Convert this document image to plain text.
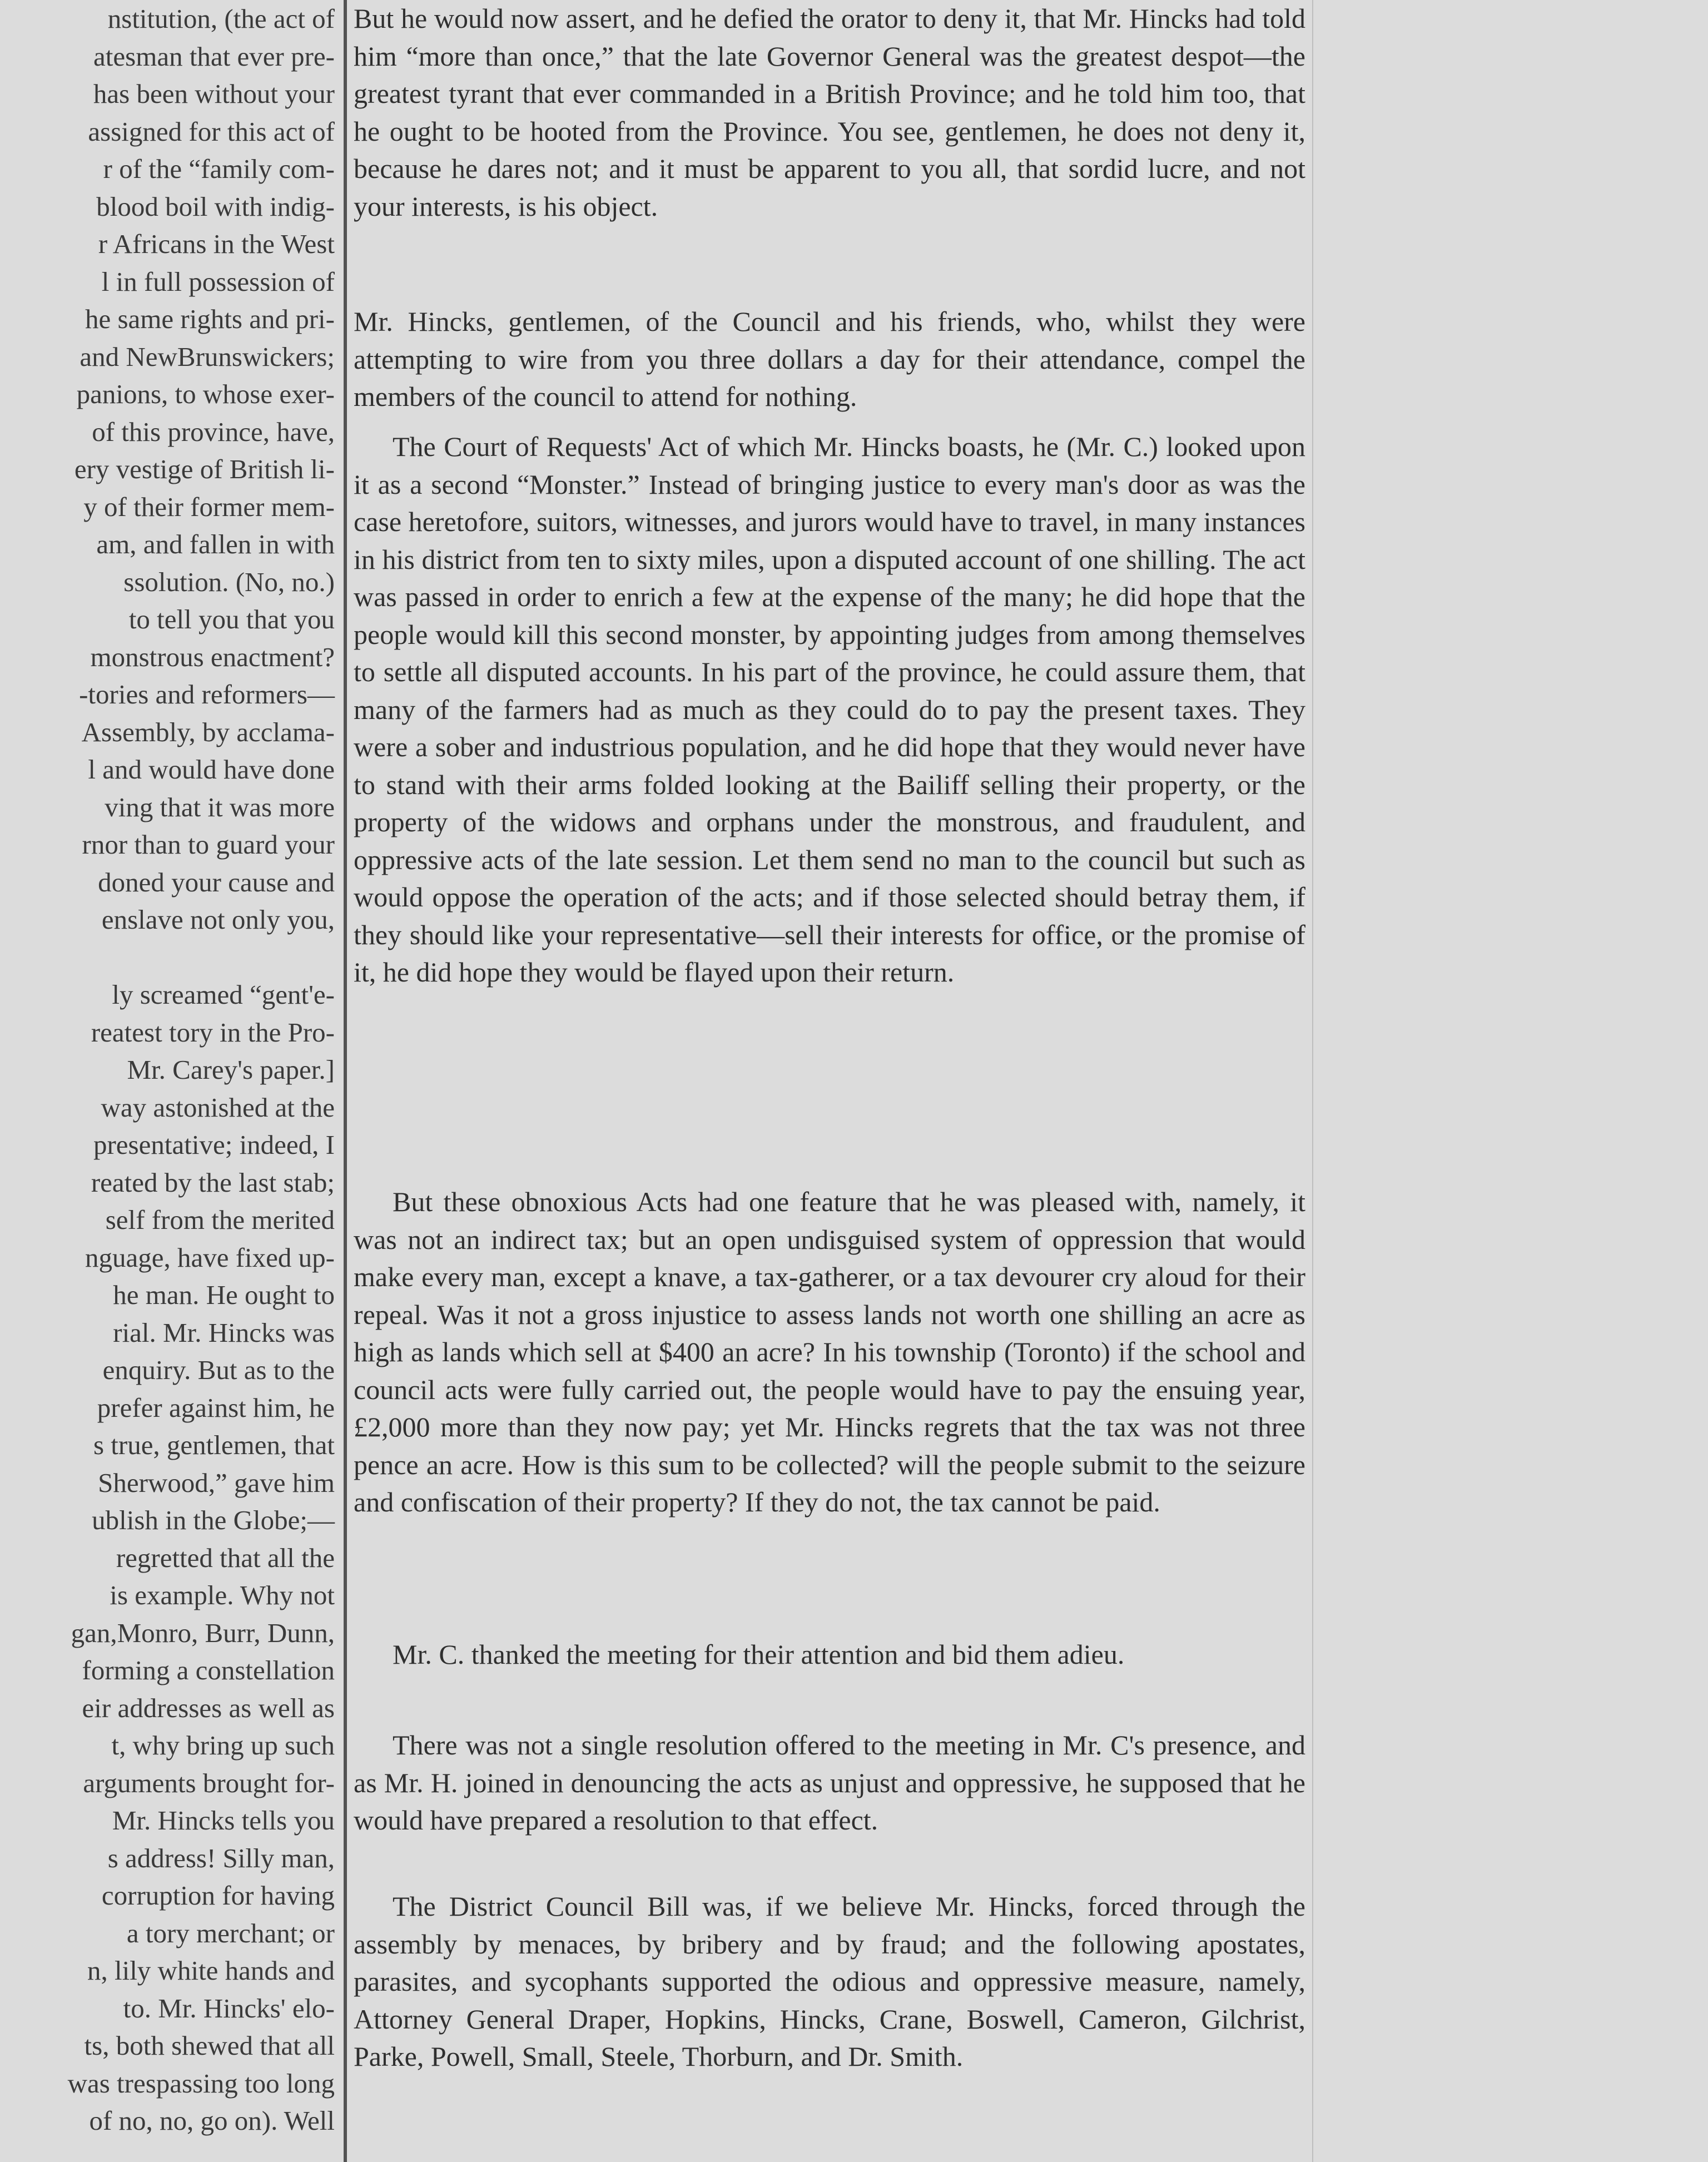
nstitution, (the act of
atesman that ever pre-
has been without your
assigned for this act of
r of the “family com-
blood boil with indig-
r Africans in the West
l in full possession of
he same rights and pri-
and NewBrunswickers;
panions, to whose exer-
of this province, have,
ery vestige of British li-
y of their former mem-
am, and fallen in with
ssolution. (No, no.)
to tell you that you
monstrous enactment?
-tories and reformers—
Assembly, by acclama-
l and would have done
ving that it was more
rnor than to guard your
doned your cause and
enslave not only you,
ly screamed “gent'e-
reatest tory in the Pro-
Mr. Carey's paper.]
way astonished at the
presentative; indeed, I
reated by the last stab;
self from the merited
nguage, have fixed up-
he man. He ought to
rial. Mr. Hincks was
enquiry. But as to the
prefer against him, he
s true, gentlemen, that
Sherwood,” gave him
ublish in the Globe;—
regretted that all the
is example. Why not
gan,Monro, Burr, Dunn,
forming a constellation
eir addresses as well as
t, why bring up such
arguments brought for-
Mr. Hincks tells you
s address! Silly man,
corruption for having
a tory merchant; or
n, lily white hands and
to. Mr. Hincks' elo-
ts, both shewed that all
was trespassing too long
of no, no, go on). Well

But he would now assert, and he defied the orator to deny it, that Mr. Hincks had told him “more than once,” that the late Governor General was the greatest despot—the greatest tyrant that ever commanded in a British Province; and he told him too, that he ought to be hooted from the Province. You see, gentlemen, he does not deny it, because he dares not; and it must be apparent to you all, that sordid lucre, and not your interests, is his object.

Mr. Hincks, gentlemen, of the Council and his friends, who, whilst they were attempting to wire from you three dollars a day for their attendance, compel the members of the council to attend for nothing.

The Court of Requests' Act of which Mr. Hincks boasts, he (Mr. C.) looked upon it as a second “Monster.” Instead of bringing justice to every man's door as was the case heretofore, suitors, witnesses, and jurors would have to travel, in many instances in his district from ten to sixty miles, upon a disputed account of one shilling. The act was passed in order to enrich a few at the expense of the many; he did hope that the people would kill this second monster, by appointing judges from among themselves to settle all disputed accounts. In his part of the province, he could assure them, that many of the farmers had as much as they could do to pay the present taxes. They were a sober and industrious population, and he did hope that they would never have to stand with their arms folded looking at the Bailiff selling their property, or the property of the widows and orphans under the monstrous, and fraudulent, and oppressive acts of the late session. Let them send no man to the council but such as would oppose the operation of the acts; and if those selected should betray them, if they should like your representative—sell their interests for office, or the promise of it, he did hope they would be flayed upon their return.

But these obnoxious Acts had one feature that he was pleased with, namely, it was not an indirect tax; but an open undisguised system of oppression that would make every man, except a knave, a tax-gatherer, or a tax devourer cry aloud for their repeal. Was it not a gross injustice to assess lands not worth one shilling an acre as high as lands which sell at $400 an acre? In his township (Toronto) if the school and council acts were fully carried out, the people would have to pay the ensuing year, £2,000 more than they now pay; yet Mr. Hincks regrets that the tax was not three pence an acre. How is this sum to be collected? will the people submit to the seizure and confiscation of their property? If they do not, the tax cannot be paid.

Mr. C. thanked the meeting for their attention and bid them adieu.

There was not a single resolution offered to the meeting in Mr. C's presence, and as Mr. H. joined in denouncing the acts as unjust and oppressive, he supposed that he would have prepared a resolution to that effect.

The District Council Bill was, if we believe Mr. Hincks, forced through the assembly by menaces, by bribery and by fraud; and the following apostates, parasites, and sycophants supported the odious and oppressive measure, namely, Attorney General Draper, Hopkins, Hincks, Crane, Boswell, Cameron, Gilchrist, Parke, Powell, Small, Steele, Thorburn, and Dr. Smith.
